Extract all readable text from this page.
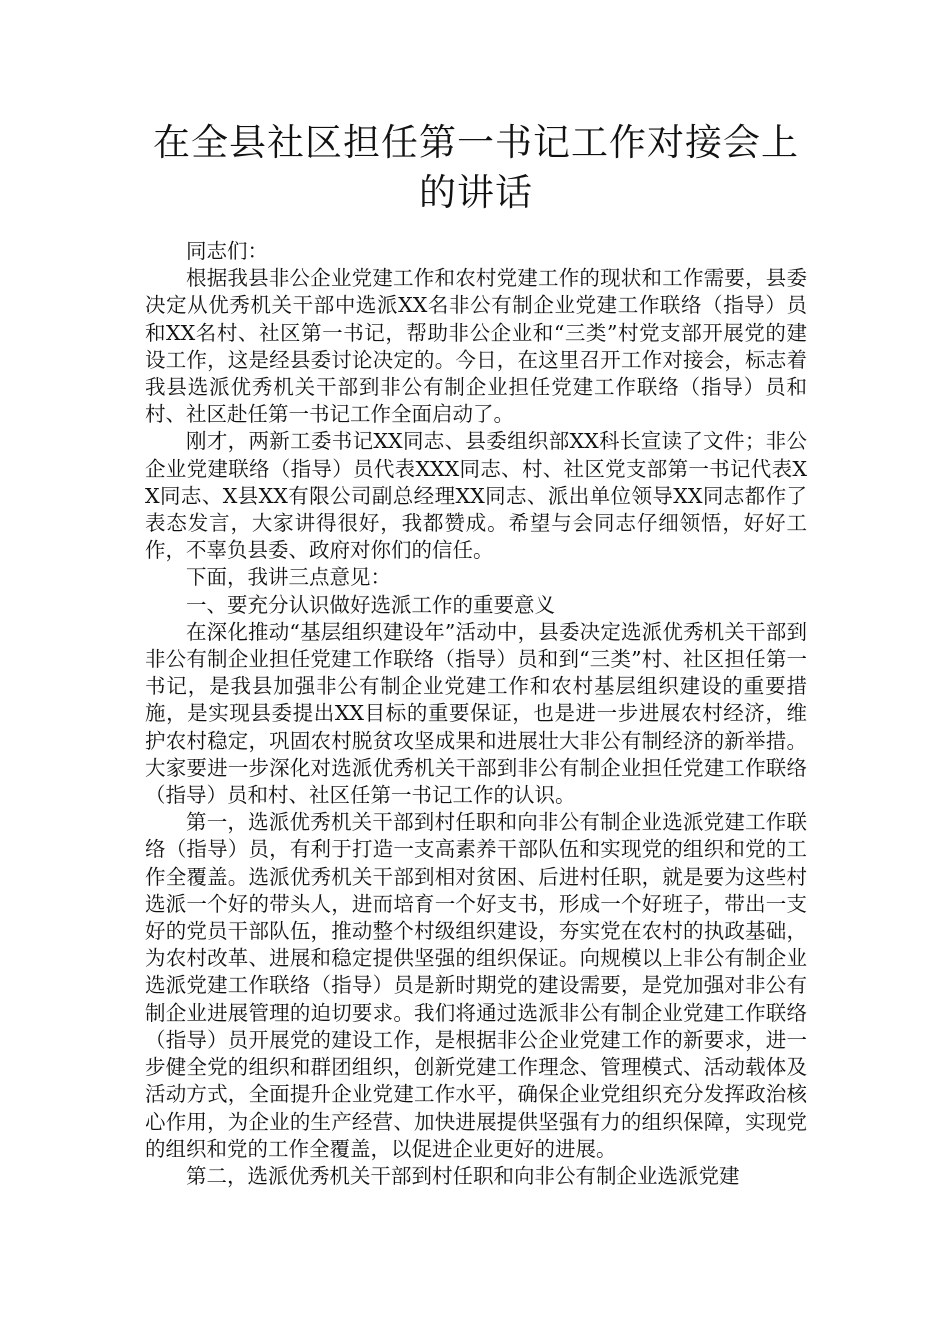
在全县社区担任第一书记工作对接会上
的讲话

同志们：

根据我县非公企业党建工作和农村党建工作的现状和工作需要，县委决定从优秀机关干部中选派XX名非公有制企业党建工作联络（指导）员和XX名村、社区第一书记，帮助非公企业和“三类”村党支部开展党的建设工作，这是经县委讨论决定的。今日，在这里召开工作对接会，标志着我县选派优秀机关干部到非公有制企业担任党建工作联络（指导）员和村、社区赴任第一书记工作全面启动了。

刚才，两新工委书记XX同志、县委组织部XX科长宣读了文件；非公企业党建联络（指导）员代表XXX同志、村、社区党支部第一书记代表XX同志、X县XX有限公司副总经理XX同志、派出单位领导XX同志都作了表态发言，大家讲得很好，我都赞成。希望与会同志仔细领悟，好好工作，不辜负县委、政府对你们的信任。

下面，我讲三点意见：

一、要充分认识做好选派工作的重要意义

在深化推动“基层组织建设年”活动中，县委决定选派优秀机关干部到非公有制企业担任党建工作联络（指导）员和到“三类”村、社区担任第一书记，是我县加强非公有制企业党建工作和农村基层组织建设的重要措施，是实现县委提出XX目标的重要保证，也是进一步进展农村经济，维护农村稳定，巩固农村脱贫攻坚成果和进展壮大非公有制经济的新举措。大家要进一步深化对选派优秀机关干部到非公有制企业担任党建工作联络（指导）员和村、社区任第一书记工作的认识。

第一，选派优秀机关干部到村任职和向非公有制企业选派党建工作联络（指导）员，有利于打造一支高素养干部队伍和实现党的组织和党的工作全覆盖。选派优秀机关干部到相对贫困、后进村任职，就是要为这些村选派一个好的带头人，进而培育一个好支书，形成一个好班子，带出一支好的党员干部队伍，推动整个村级组织建设，夯实党在农村的执政基础，为农村改革、进展和稳定提供坚强的组织保证。向规模以上非公有制企业选派党建工作联络（指导）员是新时期党的建设需要，是党加强对非公有制企业进展管理的迫切要求。我们将通过选派非公有制企业党建工作联络（指导）员开展党的建设工作，是根据非公企业党建工作的新要求，进一步健全党的组织和群团组织，创新党建工作理念、管理模式、活动载体及活动方式，全面提升企业党建工作水平，确保企业党组织充分发挥政治核心作用，为企业的生产经营、加快进展提供坚强有力的组织保障，实现党的组织和党的工作全覆盖，以促进企业更好的进展。

第二，选派优秀机关干部到村任职和向非公有制企业选派党建
